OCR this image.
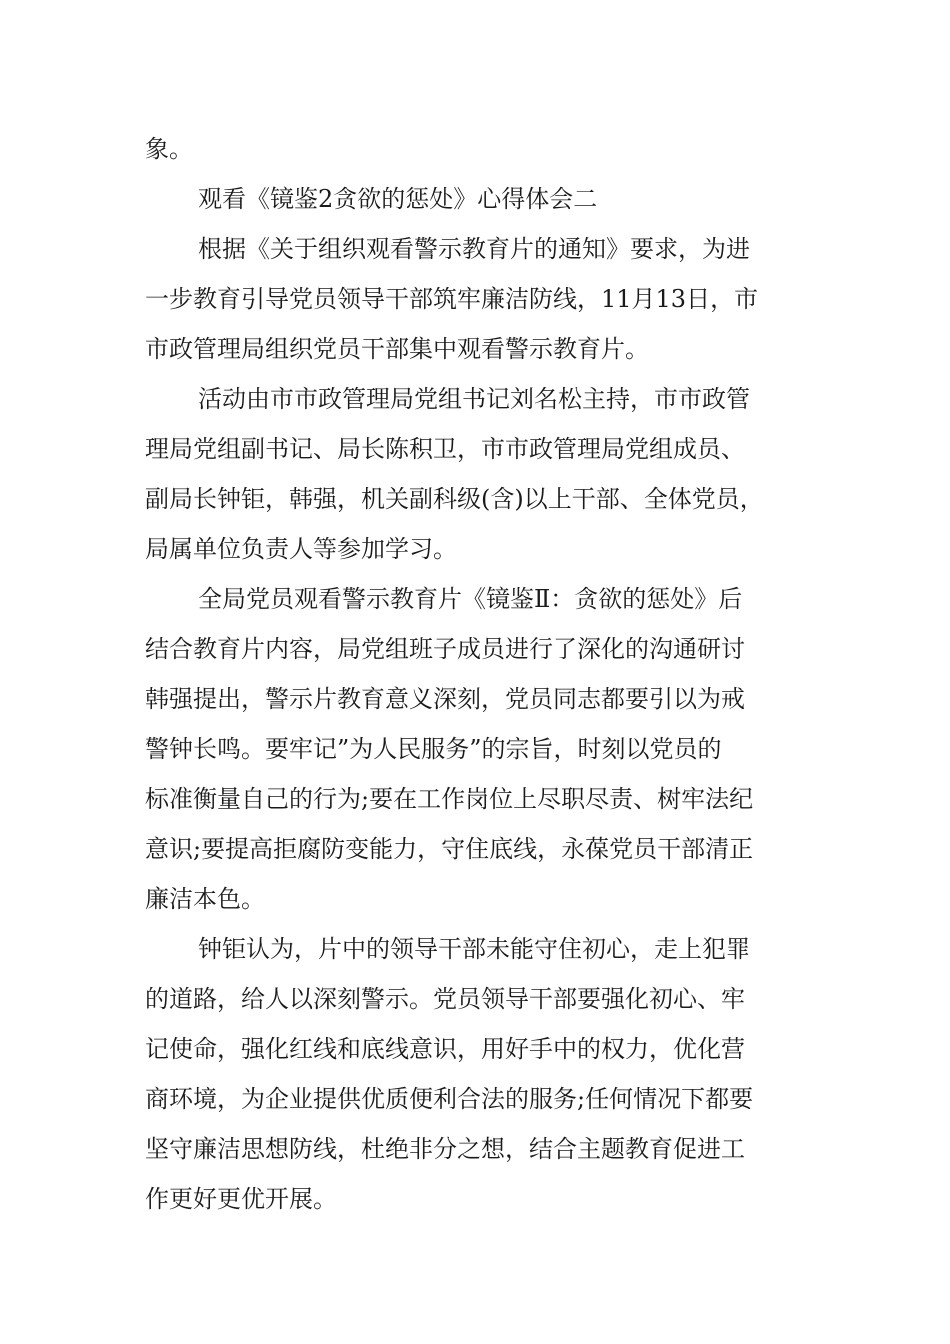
象。
观看《镜鉴2贪欲的惩处》心得体会二
根据《关于组织观看警示教育片的通知》要求，为进
一步教育引导党员领导干部筑牢廉洁防线，11月13日，市
市政管理局组织党员干部集中观看警示教育片。
活动由市市政管理局党组书记刘名松主持，市市政管
理局党组副书记、局长陈积卫，市市政管理局党组成员、
副局长钟钜，韩强，机关副科级(含)以上干部、全体党员，
局属单位负责人等参加学习。
全局党员观看警示教育片《镜鉴Ⅱ：贪欲的惩处》后
结合教育片内容，局党组班子成员进行了深化的沟通研讨
韩强提出，警示片教育意义深刻，党员同志都要引以为戒
警钟长鸣。要牢记”为人民服务”的宗旨，时刻以党员的
标准衡量自己的行为;要在工作岗位上尽职尽责、树牢法纪
意识;要提高拒腐防变能力，守住底线，永葆党员干部清正
廉洁本色。
钟钜认为，片中的领导干部未能守住初心，走上犯罪
的道路，给人以深刻警示。党员领导干部要强化初心、牢
记使命，强化红线和底线意识，用好手中的权力，优化营
商环境，为企业提供优质便利合法的服务;任何情况下都要
坚守廉洁思想防线，杜绝非分之想，结合主题教育促进工
作更好更优开展。
